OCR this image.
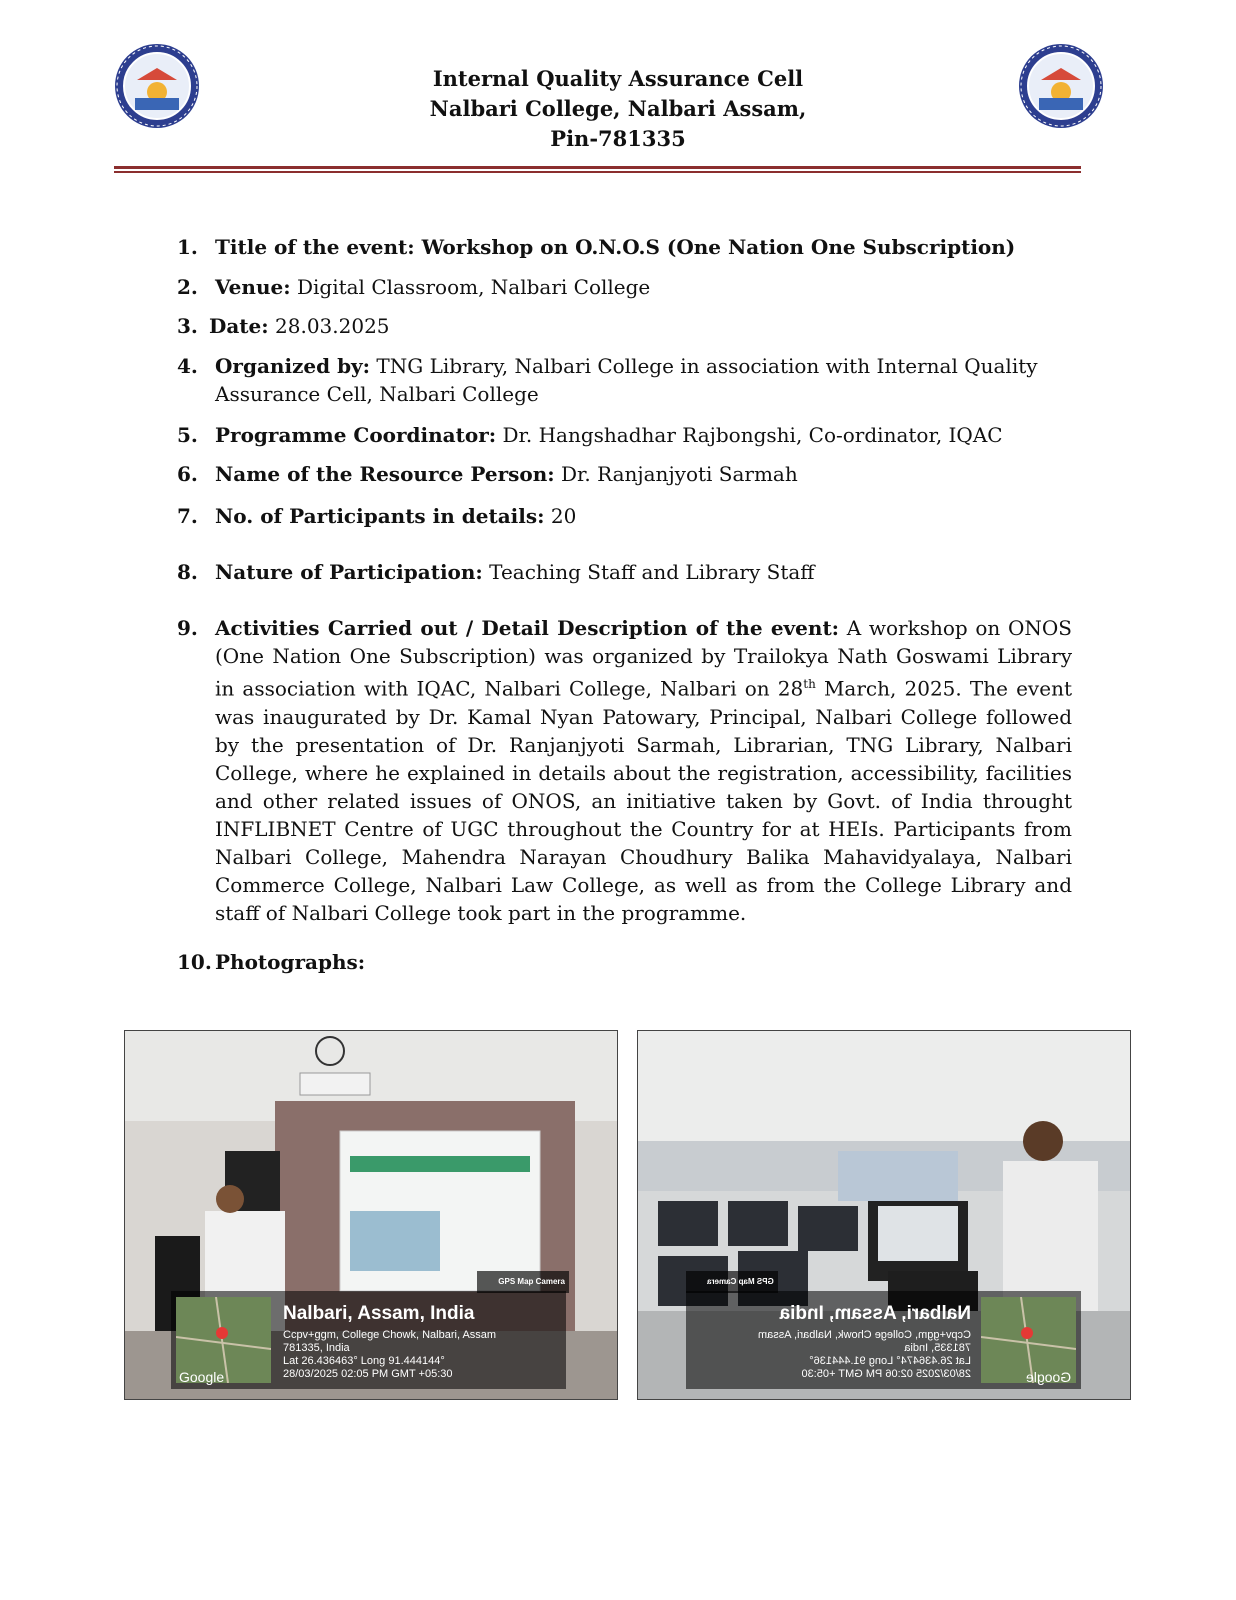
Internal Quality Assurance Cell
Nalbari College, Nalbari Assam,
Pin-781335
1. Title of the event: Workshop on O.N.O.S (One Nation One Subscription)
2. Venue: Digital Classroom, Nalbari College
3. Date: 28.03.2025
4. Organized by: TNG Library, Nalbari College in association with Internal Quality Assurance Cell, Nalbari College
5. Programme Coordinator: Dr. Hangshadhar Rajbongshi, Co-ordinator, IQAC
6. Name of the Resource Person: Dr. Ranjanjyoti Sarmah
7. No. of Participants in details: 20
8. Nature of Participation: Teaching Staff and Library Staff
9. Activities Carried out / Detail Description of the event: A workshop on ONOS (One Nation One Subscription) was organized by Trailokya Nath Goswami Library in association with IQAC, Nalbari College, Nalbari on 28th March, 2025. The event was inaugurated by Dr. Kamal Nyan Patowary, Principal, Nalbari College followed by the presentation of Dr. Ranjanjyoti Sarmah, Librarian, TNG Library, Nalbari College, where he explained in details about the registration, accessibility, facilities and other related issues of ONOS, an initiative taken by Govt. of India throught INFLIBNET Centre of UGC throughout the Country for at HEIs. Participants from Nalbari College, Mahendra Narayan Choudhury Balika Mahavidyalaya, Nalbari Commerce College, Nalbari Law College, as well as from the College Library and staff of Nalbari College took part in the programme.
10. Photographs:
GPS Map Camera
Google
Nalbari, Assam, India
Ccpv+ggm, College Chowk, Nalbari, Assam
781335, India
Lat 26.436463° Long 91.444144°
28/03/2025 02:05 PM GMT +05:30
GPS Map Camera
Google
Nalbari, Assam, India
Ccpv+ggm, College Chowk, Nalbari, Assam
781335, India
Lat 26.436474° Long 91.444136°
28/03/2025 02:06 PM GMT +05:30
